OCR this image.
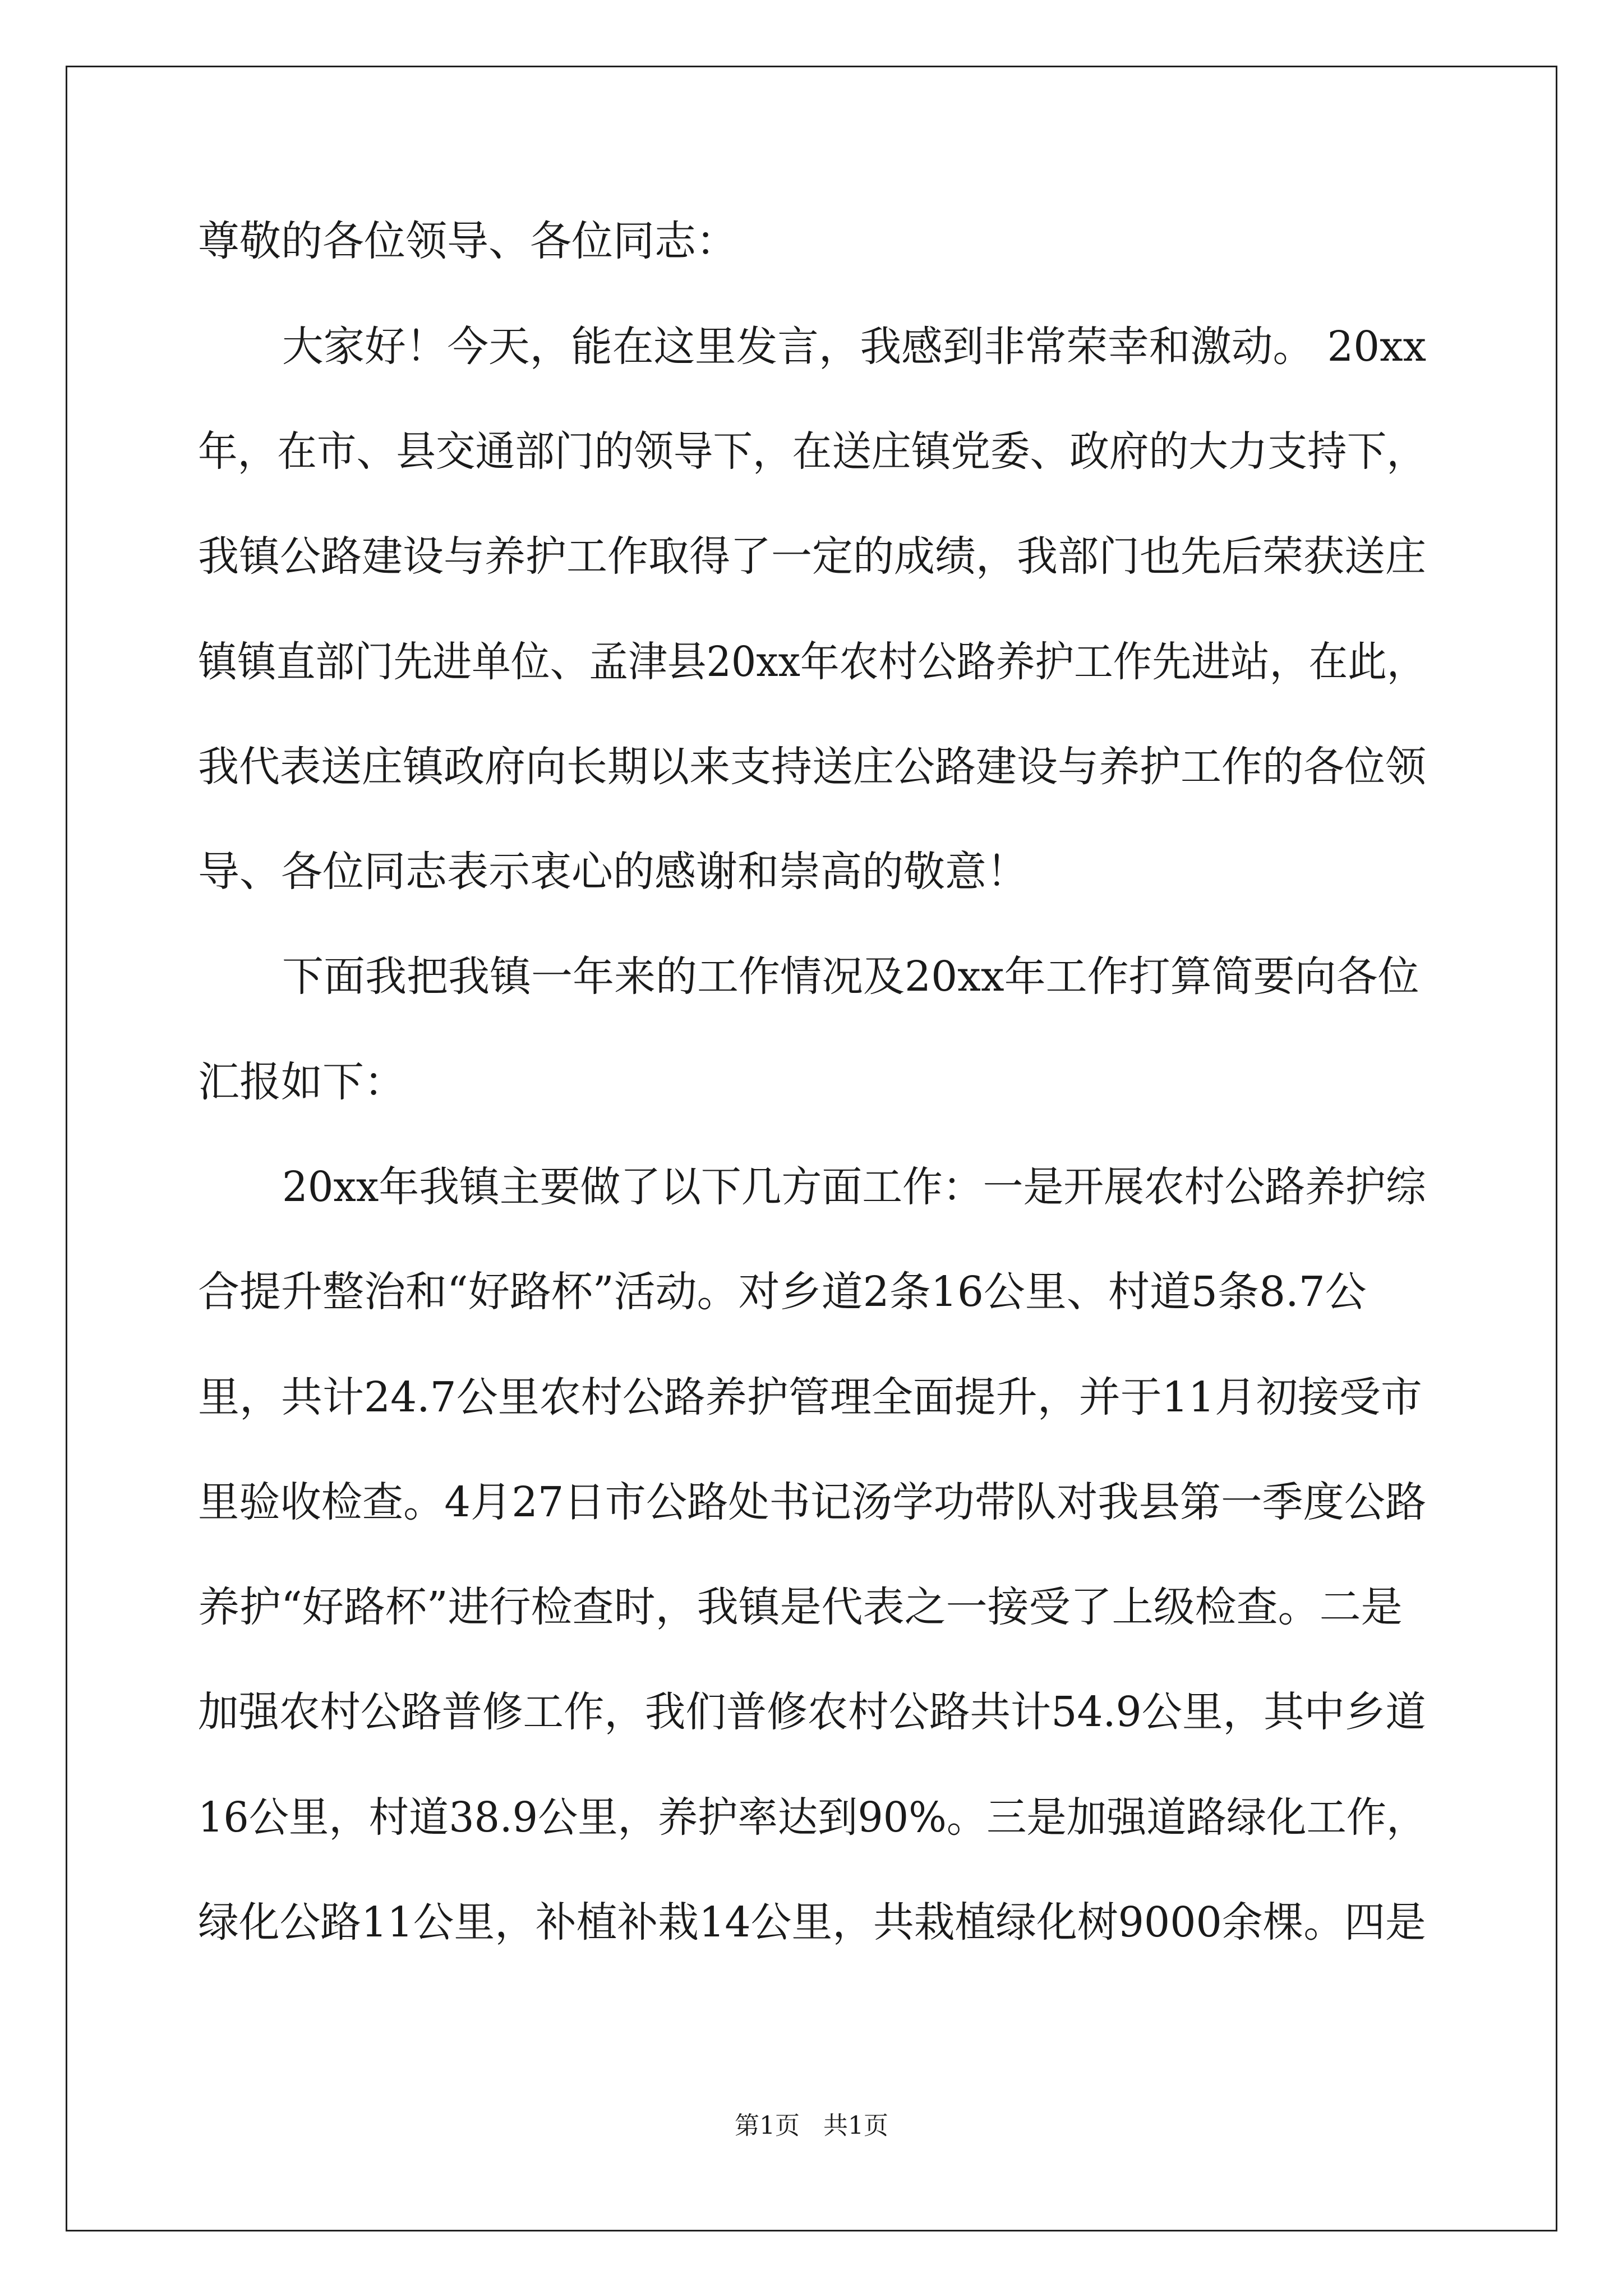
尊敬的各位领导、各位同志：
大家好！今天，能在这里发言，我感到非常荣幸和激动。 20xx
年，在市、县交通部门的领导下，在送庄镇党委、政府的大力支持下，
我镇公路建设与养护工作取得了一定的成绩，我部门也先后荣获送庄
镇镇直部门先进单位、孟津县20xx年农村公路养护工作先进站，在此，
我代表送庄镇政府向长期以来支持送庄公路建设与养护工作的各位领
导、各位同志表示衷心的感谢和崇高的敬意！
下面我把我镇一年来的工作情况及20xx年工作打算简要向各位
汇报如下：
20xx年我镇主要做了以下几方面工作：一是开展农村公路养护综
合提升整治和“好路杯”活动。对乡道2条16公里、村道5条8.7公
里，共计24.7公里农村公路养护管理全面提升，并于11月初接受市
里验收检查。4月27日市公路处书记汤学功带队对我县第一季度公路
养护“好路杯”进行检查时，我镇是代表之一接受了上级检查。二是
加强农村公路普修工作，我们普修农村公路共计54.9公里，其中乡道
16公里，村道38.9公里，养护率达到90%。三是加强道路绿化工作，
绿化公路11公里，补植补栽14公里，共栽植绿化树9000余棵。四是
第1页   共1页
